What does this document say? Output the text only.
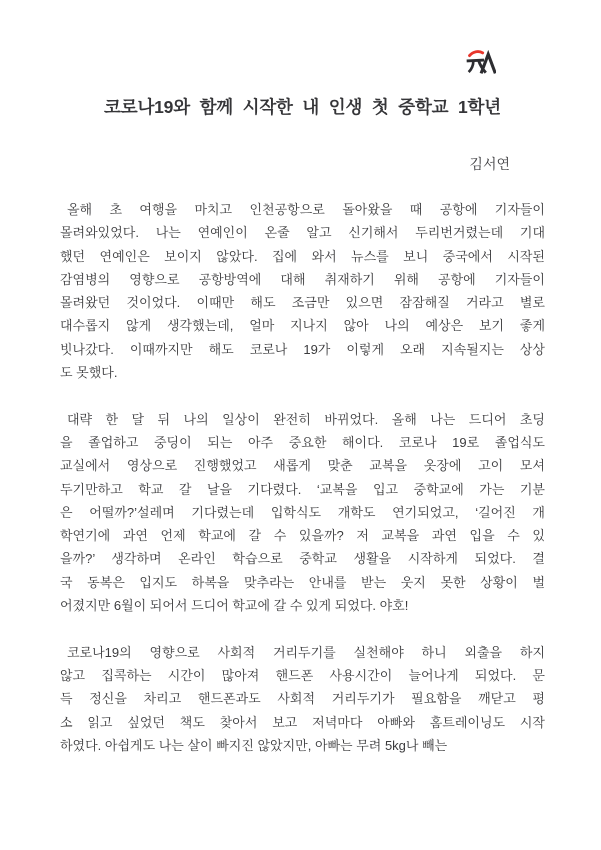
코로나19와 함께 시작한 내 인생 첫 중학교 1학년
김서연
올해 초 여행을 마치고 인천공항으로 돌아왔을 때 공항에 기자들이
몰려와있었다. 나는 연예인이 온줄 알고 신기해서 두리번거렸는데 기대
했던 연예인은 보이지 않았다. 집에 와서 뉴스를 보니 중국에서 시작된
감염병의 영향으로 공항방역에 대해 취재하기 위해 공항에 기자들이
몰려왔던 것이었다. 이때만 해도 조금만 있으면 잠잠해질 거라고 별로
대수롭지 않게 생각했는데, 얼마 지나지 않아 나의 예상은 보기 좋게
빗나갔다. 이때까지만 해도 코로나 19가 이렇게 오래 지속될지는 상상
도 못했다.
대략 한 달 뒤 나의 일상이 완전히 바뀌었다. 올해 나는 드디어 초딩
을 졸업하고 중딩이 되는 아주 중요한 해이다. 코로나 19로 졸업식도
교실에서 영상으로 진행했었고 새롭게 맞춘 교복을 옷장에 고이 모셔
두기만하고 학교 갈 날을 기다렸다. ‘교복을 입고 중학교에 가는 기분
은 어떨까?’설레며 기다렸는데 입학식도 개학도 연기되었고, ‘길어진 개
학연기에 과연 언제 학교에 갈 수 있을까? 저 교복을 과연 입을 수 있
을까?’ 생각하며 온라인 학습으로 중학교 생활을 시작하게 되었다. 결
국 동복은 입지도 하복을 맞추라는 안내를 받는 웃지 못한 상황이 벌
어졌지만 6월이 되어서 드디어 학교에 갈 수 있게 되었다. 야호!
코로나19의 영향으로 사회적 거리두기를 실천해야 하니 외출을 하지
않고 집콕하는 시간이 많아져 핸드폰 사용시간이 늘어나게 되었다. 문
득 정신을 차리고 핸드폰과도 사회적 거리두기가 필요함을 깨닫고 평
소 읽고 싶었던 책도 찾아서 보고 저녁마다 아빠와 홈트레이닝도 시작
하였다. 아쉽게도 나는 살이 빠지진 않았지만, 아빠는 무려 5kg나 빼는
